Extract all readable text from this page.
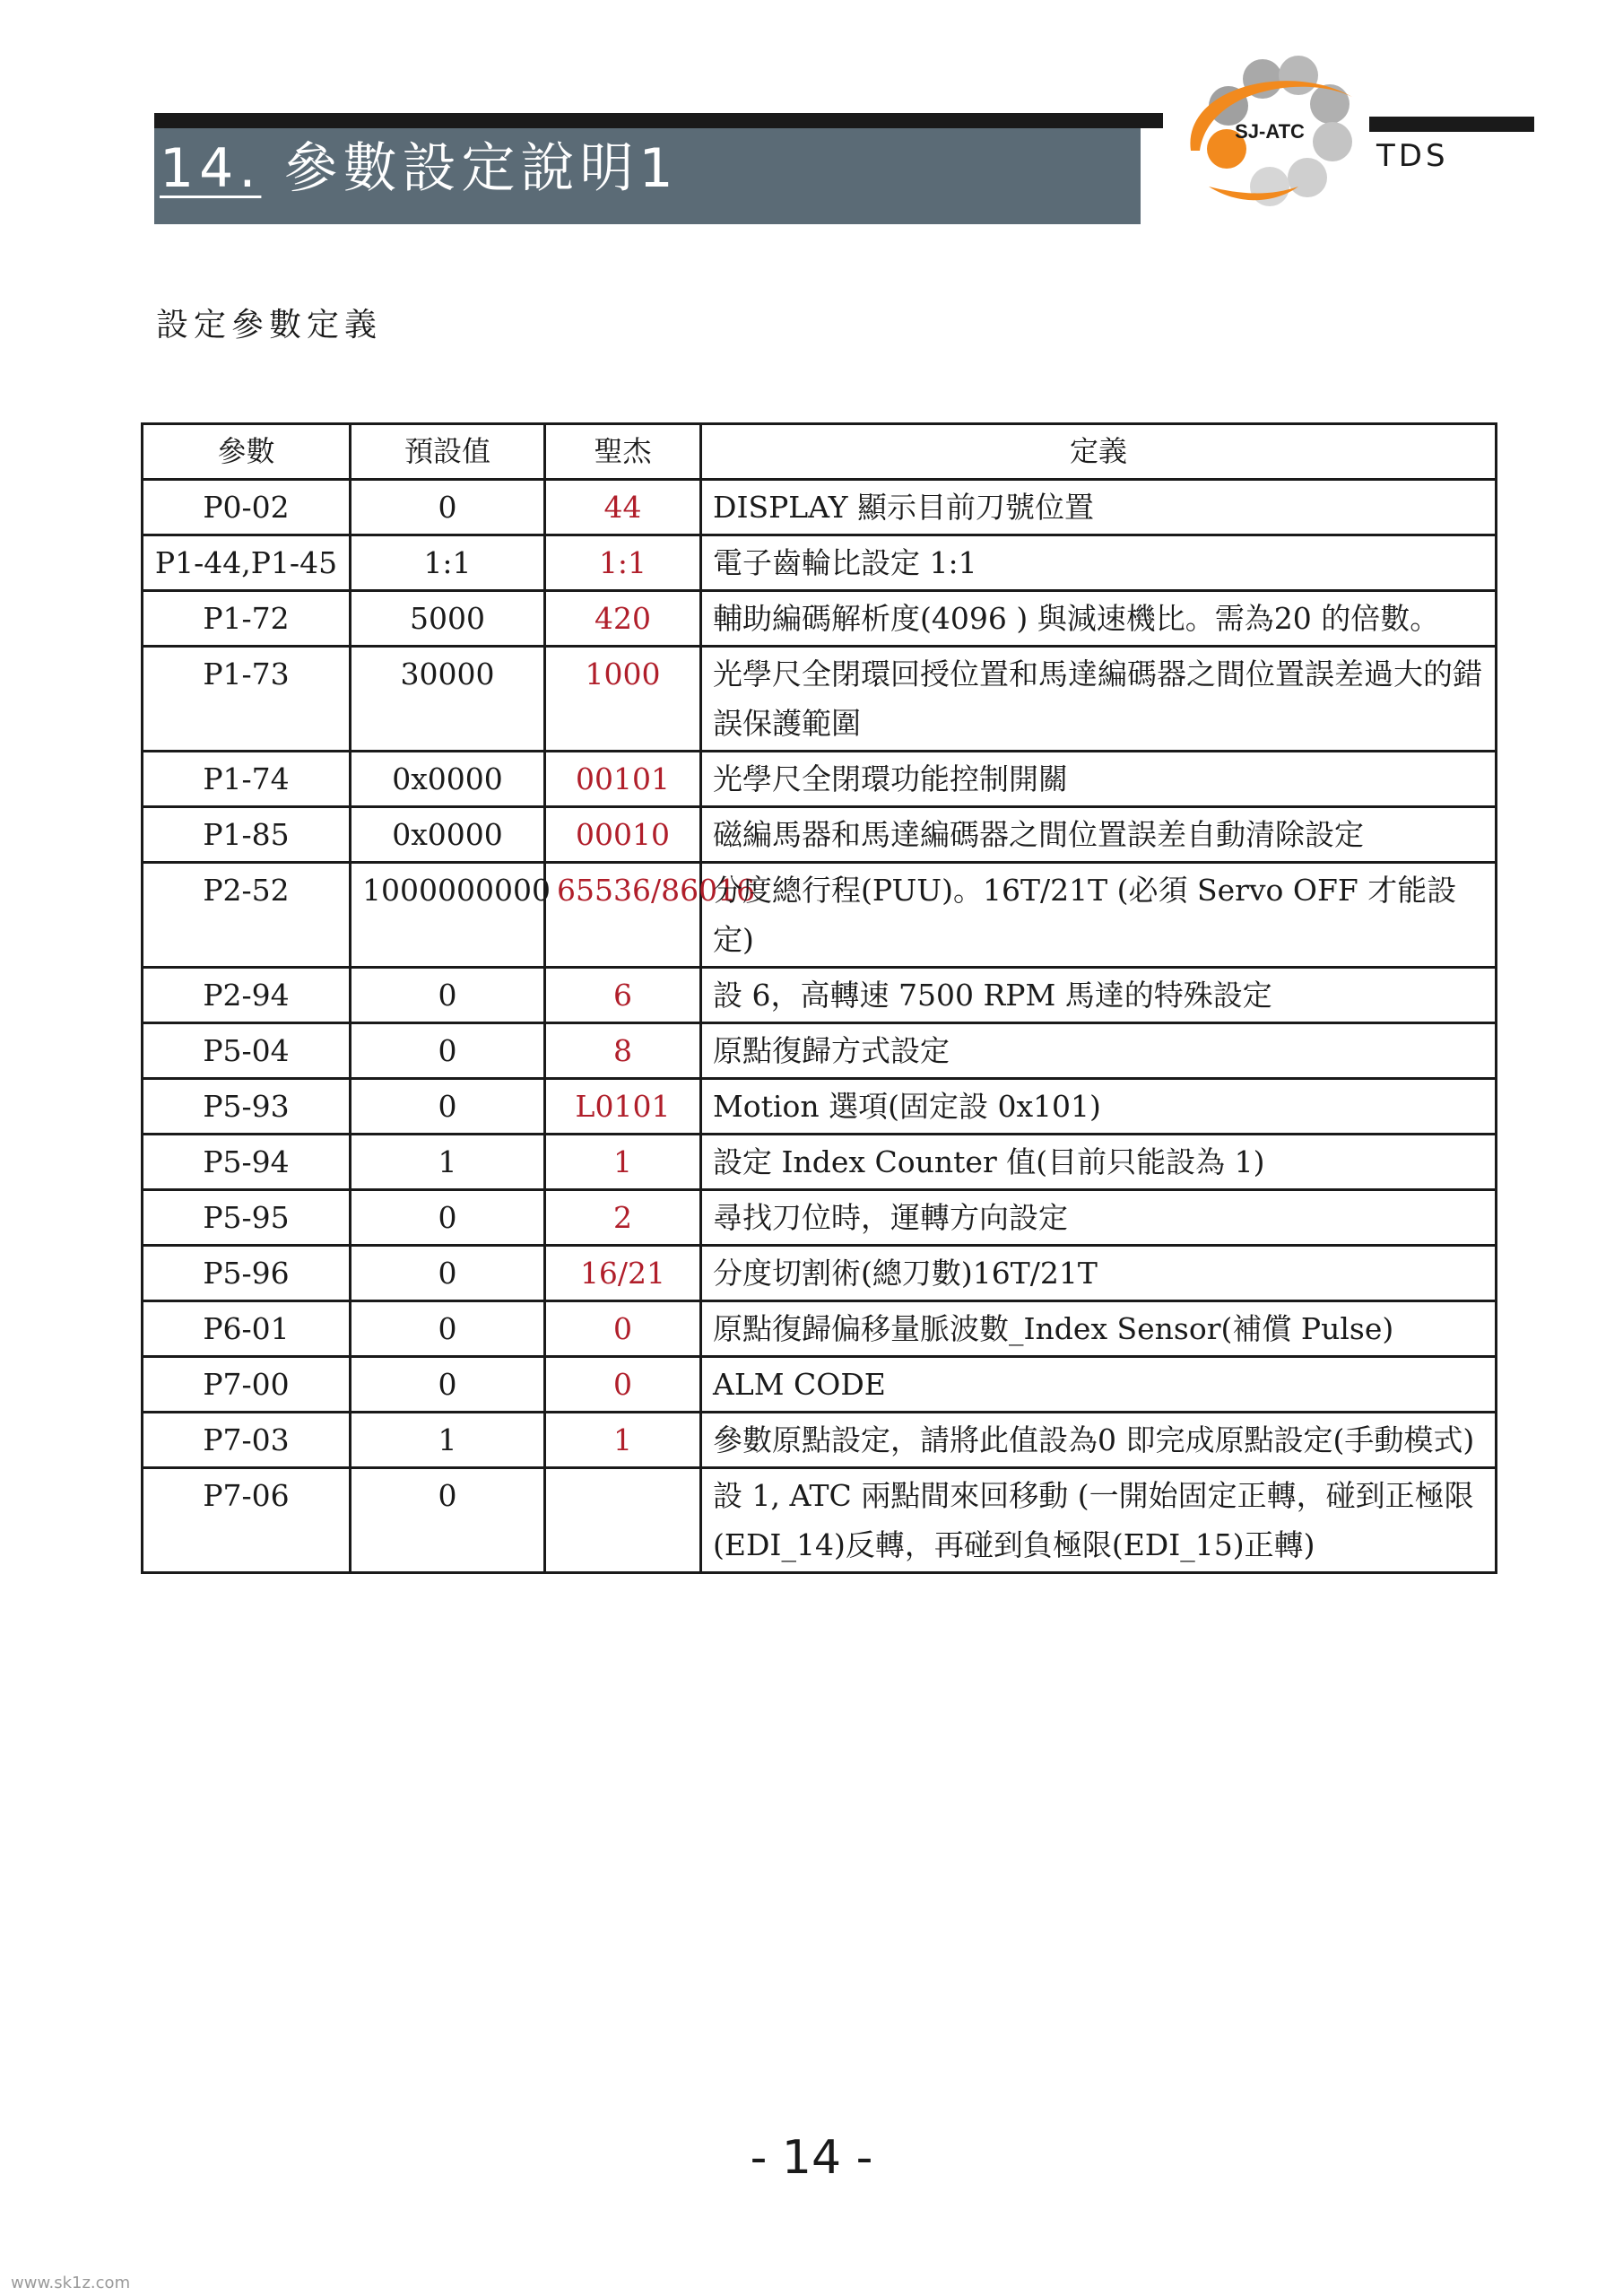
14. 參數設定說明1
SJ-ATC
TDS
設定參數定義
參數	預設值	聖杰	定義
P0-02	0	44	DISPLAY 顯示目前刀號位置
P1-44,P1-45	1:1	1:1	電子齒輪比設定 1:1
P1-72	5000	420	輔助編碼解析度(4096 ) 與減速機比。需為20 的倍數。
P1-73	30000	1000	光學尺全閉環回授位置和馬達編碼器之間位置誤差過大的錯誤保護範圍
P1-74	0x0000	00101	光學尺全閉環功能控制開關
P1-85	0x0000	00010	磁編馬器和馬達編碼器之間位置誤差自動清除設定
P2-52	1000000000	65536/86016	分度總行程(PUU)。16T/21T (必須 Servo OFF 才能設定)
P2-94	0	6	設 6，高轉速 7500 RPM 馬達的特殊設定
P5-04	0	8	原點復歸方式設定
P5-93	0	L0101	Motion 選項(固定設 0x101)
P5-94	1	1	設定 Index Counter 值(目前只能設為 1)
P5-95	0	2	尋找刀位時，運轉方向設定
P5-96	0	16/21	分度切割術(總刀數)16T/21T
P6-01	0	0	原點復歸偏移量脈波數_Index Sensor(補償 Pulse)
P7-00	0	0	ALM CODE
P7-03	1	1	參數原點設定，請將此值設為0 即完成原點設定(手動模式)
P7-06	0		設 1, ATC 兩點間來回移動 (一開始固定正轉，碰到正極限(EDI_14)反轉，再碰到負極限(EDI_15)正轉)
- 14 -
www.sk1z.com
